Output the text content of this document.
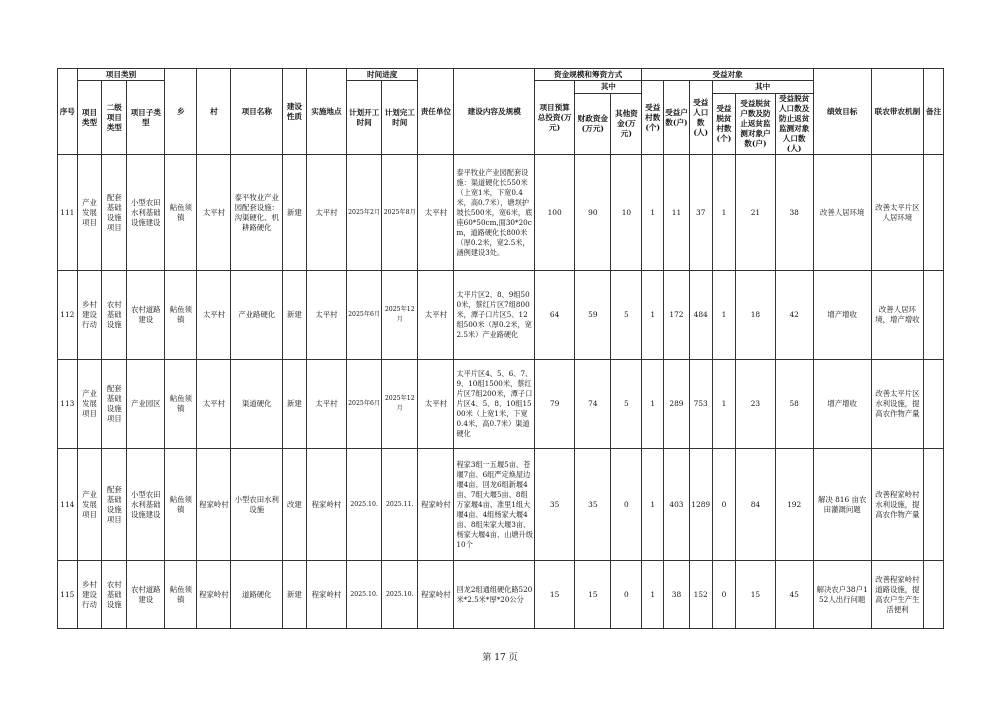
序号	项目类别			乡	村	项目名称	建设性质	实施地点	时间进度		责任单位	建设内容及规模	资金规模和筹资方式			受益对象						绩效目标	联农带农机制	备注
	项目类型	二级项目类型	项目子类型						计划开工时间	计划完工时间			项目预算总投资(万元)	其中		受益村数(个)	受益户数(户)	受益人口数(人)	其中					
														财政资金(万元)	其他资金(万元)				受益脱贫村数(个)	受益脱贫户数及防止返贫监测对象户数(户)	受益脱贫人口数及防止返贫监测对象人口数(人)			
111	产业发展项目	配套基础设施项目	小型农田水利基础设施建设	鲇鱼须镇	太平村	泰平牧业产业园配套设施：沟渠硬化、机耕路硬化	新建	太平村	2025年2月	2025年8月	太平村	泰平牧业产业园配套设施：渠道硬化长550米（上宽1米，下宽0.4米，高0.7米），塘坝护坡长500米，宽6米，底座60*50cm,面30*20cm，道路硬化长800米（厚0.2米，宽2.5米，涵例建设3处。	100	90	10	1	11	37	1	21	38	改善人居环境	改善太平片区人居环境	
112	乡村建设行动	农村基础设施	农村道路建设	鲇鱼须镇	太平村	产业路硬化	新建	太平村	2025年6月	2025年12月	太平村	太平片区2、8、9组500米，蔡红片区7组800米，潭子口片区5、12组500米（厚0.2米，宽2.5米）产业路硬化	64	59	5	1	172	484	1	18	42	增产增收	改善人居环境，增产增收	
113	产业发展项目	配套基础设施项目	产业园区	鲇鱼须镇	太平村	渠道硬化	新建	太平村	2025年6月	2025年12月	太平村	太平片区4、5、6、7、9、10组1500米，蔡红片区7组200米，潭子口片区4、5、8、10组1500米（上宽1米，下宽0.4米，高0.7米）渠道硬化	79	74	5	1	289	753	1	23	58	增产增收	改善太平片区水利设施，提高农作物产量	
114	产业发展项目	配套基础设施项目	小型农田水利基础设施建设	鲇鱼须镇	程家岭村	小型农田水利设施	改建	程家岭村	2025.10.	2025.11.	程家岭村	程家3组一五堰5亩、苍堰7亩、6组严定焕屋边堰4亩、回龙6组新堰4亩、7组大堰5亩、8组万家堰4亩、准里1组大堰4亩、4组杨家大堰4亩、8组朱家大堰3亩、杨家大堰4亩、山塘升级10个	35	35	0	1	403	1289	0	84	192	解决 816 亩农田灌溉问题	改善程家岭村水利设施，提高农作物产量	
115	乡村建设行动	农村基础设施	农村道路建设	鲇鱼须镇	程家岭村	道路硬化	新建	程家岭村	2025.10.	2025.10.	程家岭村	回龙2组通组硬化路520米*2.5米*厚*20公分	15	15	0	1	38	152	0	15	45	解决农户38户152人出行问题	改善程家岭村道路设施，提高农户生产生活便利	
第 17 页
